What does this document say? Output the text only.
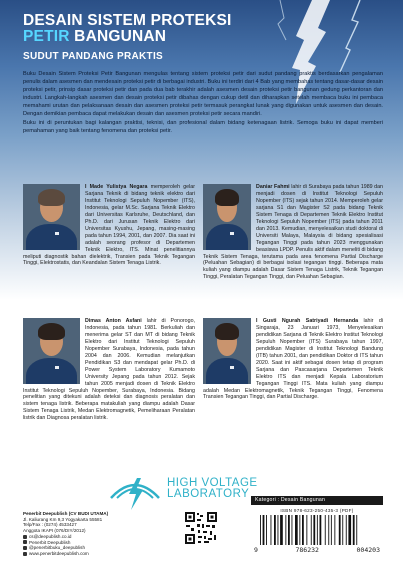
DESAIN SISTEM PROTEKSI
PETIR BANGUNAN
SUDUT PANDANG PRAKTIS

Buku Desain Sistem Proteksi Petir Bangunan mengulas tentang sistem proteksi petir dari sudut pandang praktis berdasarkan pengalaman penulis dalam asesmen dan mendesain proteksi petir di berbagai industri. Buku ini terdiri dari 4 Bab yang membahas tentang dasar-dasar desain proteksi petir, prinsip dasar proteksi petir dan pada dua bab terakhir adalah asesmen desain proteksi petir bangunan gedung perkantoran dan industri. Langkah-langkah asesmen dan desain proteksi petir dibahas dengan cukup detil dan diharapkan setelah membaca buku ini pembaca memahami urutan dan pelaksanaan desain dan asesmen proteksi petir termasuk perangkat lunak yang digunakan untuk asesmen dan desain. Dengan demikian pembaca dapat melakukan desain dan asesmen proteksi petir secara mandiri.

Buku ini di peruntukan bagi kalangan praktisi, teknisi, dan profesional dalam bidang ketenagaan listrik. Semoga buku ini dapat memberi pemahaman yang baik tentang fenomena dan proteksi petir.

I Made Yulistya Negara memperoleh gelar Sarjana Teknik di bidang teknik elektro dari Institut Teknologi Sepuluh Nopember (ITS), Indonesia, gelar M.Sc. Sarjana Teknik Elektro dari Universitas Karlsruhe, Deutschland, dan Ph.D. dari Jurusan Teknik Elektro dari Universitas Kyushu, Jepang, masing-masing pada tahun 1994, 2001, dan 2007. Dia saat ini adalah seorang profesor di Departemen Teknik Elektro, ITS. Minat penelitiannya meliputi diagnostik bahan dielektrik, Transien pada Teknik Tegangan Tinggi, Elektrostatis, dan Keandalan Sistem Tenaga Listrik.
Daniar Fahmi lahir di Surabaya pada tahun 1989 dan menjadi dosen di Institut Teknologi Sepuluh Nopember (ITS) sejak tahun 2014. Memperoleh gelar sarjana S1 dan Magister S2 pada bidang Teknik Sistem Tenaga di Departemen Teknik Elektro Institut Teknologi Sepuluh Nopember (ITS) pada tahun 2011 dan 2013. Kemudian, menyelesaikan studi doktoral di Universiti Malaya, Malaysia di bidang spesialisasi Tegangan Tinggi pada tahun 2023 menggunakan beasiswa LPDP. Penulis aktif dalam meneliti di bidang Teknik Sistem Tenaga, terutama pada area fenomena Partial Discharge (Peluahan Sebagian) di berbagai isolasi tegangan tinggi. Beberapa mata kuliah yang diampu adalah Dasar Sistem Tenaga Listrik, Teknik Tegangan Tinggi, Peralatan Tegangan Tinggi, dan Peluahan Sebagian.
Dimas Anton Asfani lahir di Ponorogo, Indonesia, pada tahun 1981. Berkuliah dan menerima gelar ST dan MT di bidang Teknik Elektro dari Institut Teknologi Sepuluh Nopember Surabaya, Indonesia, pada tahun 2004 dan 2006. Kemudian melanjutkan Pendidikan S3 dan mendapat gelar Ph.D. di Power System Laboratory Kumamoto University Jepang pada tahun 2012. Sejak tahun 2005 menjadi dosen di Teknik Elektro Institut Teknologi Sepuluh Nopember, Surabaya, Indonesia. Bidang penelitian yang ditekuni adalah deteksi dan diagnosis peralatan dan sistem tenaga listrik. Beberapa matakuliah yang diampu adalah Dasar Sistem Tenaga Listrik, Medan Elektromagnetik, Pemeliharaan Peralatan listrik dan Diagnosa peralatan listrik.
I Gusti Ngurah Satriyadi Hernanda lahir di Singaraja, 23 Januari 1973, Menyelesaikan pendidikan Sarjana di Teknik Elektro Institut Teknologi Sepuluh Nopember (ITS) Surabaya tahun 1997, pendidikan Magister di Institut Teknologi Bandung (ITB) tahun 2001, dan pendidikan Doktor di ITS tahun 2020. Saat ini aktif sebagai dosen tetap di program Sarjana dan Pascasarjana Departemen Teknik Elektro ITS dan menjadi Kepala Laboratorium Tegangan Tinggi ITS. Mata kuliah yang diampu adalah Medan Elektromagnetik, Teknik Tegangan Tinggi, Fenomena Transien Tegangan Tinggi, dan Partial Discharge.
HIGH VOLTAGE
LABORATORY
Penerbit Deepublish (CV BUDI UTAMA)
Jl. Kaliurang Km 9,3 Yogyakarta 55581
Telp/Fax : (0274) 4533427
Anggota IKAPI (076/DIY/2012)
cs@deepublish.co.id
Penerbit Deepublish
@penerbitbuku_deepublish
www.penerbitdeepublish.com
Kategori : Desain Bangunan
ISBN 978-623-250-435-3 (PDF)
9	786232	004203
